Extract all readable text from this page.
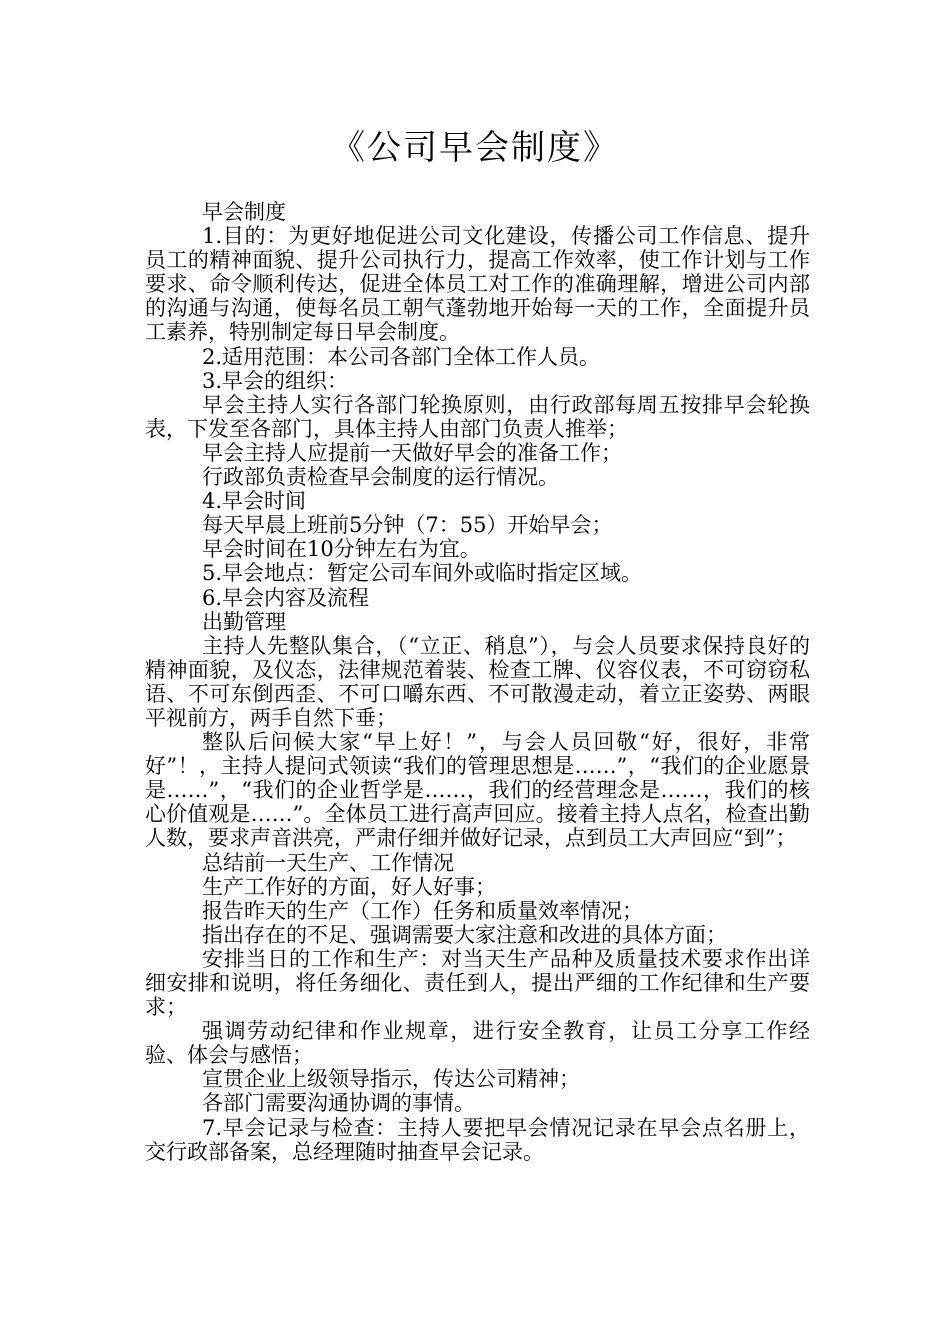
《公司早会制度》

早会制度

1.目的：为更好地促进公司文化建设，传播公司工作信息、提升员工的精神面貌、提升公司执行力，提高工作效率，使工作计划与工作要求、命令顺利传达，促进全体员工对工作的准确理解，增进公司内部的沟通与沟通，使每名员工朝气蓬勃地开始每一天的工作，全面提升员工素养，特别制定每日早会制度。

2.适用范围：本公司各部门全体工作人员。

3.早会的组织：

早会主持人实行各部门轮换原则，由行政部每周五按排早会轮换表，下发至各部门，具体主持人由部门负责人推举；

早会主持人应提前一天做好早会的准备工作；

行政部负责检查早会制度的运行情况。

4.早会时间

每天早晨上班前5分钟（7：55）开始早会；

早会时间在10分钟左右为宜。

5.早会地点：暂定公司车间外或临时指定区域。

6.早会内容及流程

出勤管理

主持人先整队集合，（“立正、稍息”），与会人员要求保持良好的精神面貌，及仪态，法律规范着装、检查工牌、仪容仪表，不可窃窃私语、不可东倒西歪、不可口嚼东西、不可散漫走动，着立正姿势、两眼平视前方，两手自然下垂；

整队后问候大家“早上好！”，与会人员回敬“好，很好，非常好”！，主持人提问式领读“我们的管理思想是……”，“我们的企业愿景是……”，“我们的企业哲学是……，我们的经营理念是……，我们的核心价值观是……”。全体员工进行高声回应。接着主持人点名，检查出勤人数，要求声音洪亮，严肃仔细并做好记录，点到员工大声回应“到”；

总结前一天生产、工作情况

生产工作好的方面，好人好事；

报告昨天的生产（工作）任务和质量效率情况；

指出存在的不足、强调需要大家注意和改进的具体方面；

安排当日的工作和生产：对当天生产品种及质量技术要求作出详细安排和说明，将任务细化、责任到人，提出严细的工作纪律和生产要求；

强调劳动纪律和作业规章，进行安全教育，让员工分享工作经验、体会与感悟；

宣贯企业上级领导指示，传达公司精神；

各部门需要沟通协调的事情。

7.早会记录与检查：主持人要把早会情况记录在早会点名册上，交行政部备案，总经理随时抽查早会记录。
